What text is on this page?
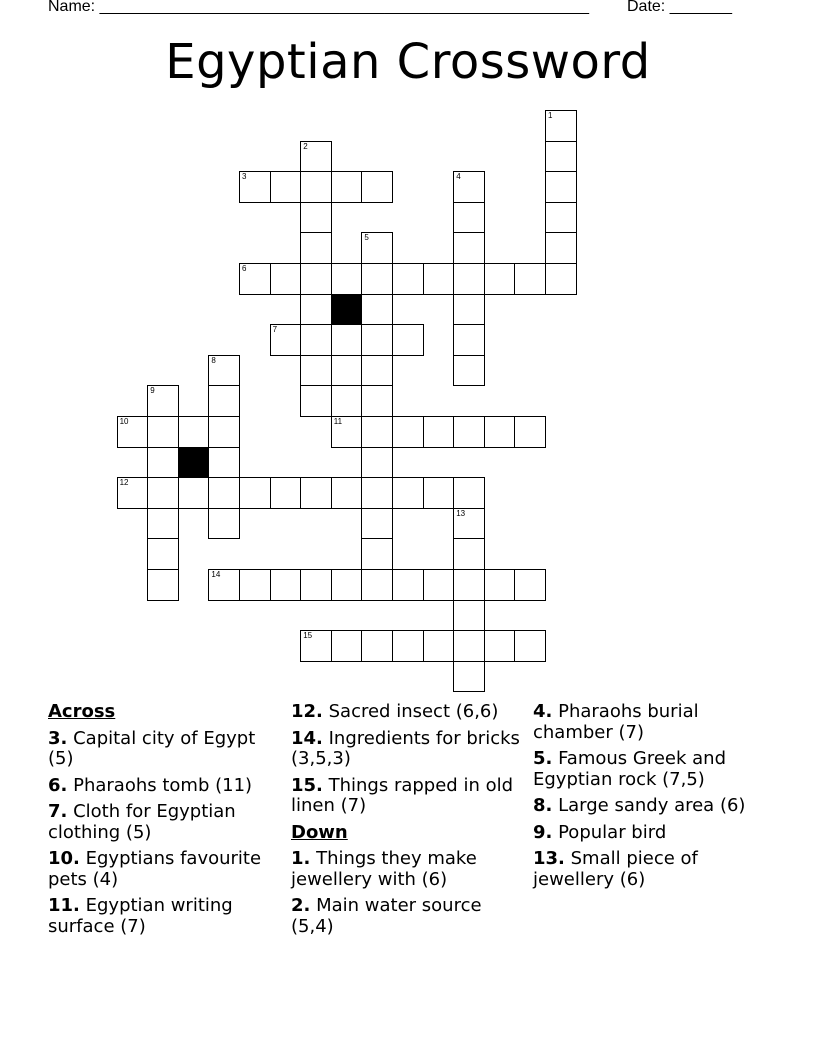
Name: _______________________________________________________ Date: _______
Egyptian Crossword
1
2
3	4
5
6
7
8
9
10	11
12
13
14
15
Across
3. Capital city of Egypt (5)
6. Pharaohs tomb (11)
7. Cloth for Egyptian clothing (5)
10. Egyptians favourite pets (4)
11. Egyptian writing surface (7)
12. Sacred insect (6,6)
14. Ingredients for bricks (3,5,3)
15. Things rapped in old linen (7)
Down
1. Things they make jewellery with (6)
2. Main water source (5,4)
4. Pharaohs burial chamber (7)
5. Famous Greek and Egyptian rock (7,5)
8. Large sandy area (6)
9. Popular bird
13. Small piece of jewellery (6)
